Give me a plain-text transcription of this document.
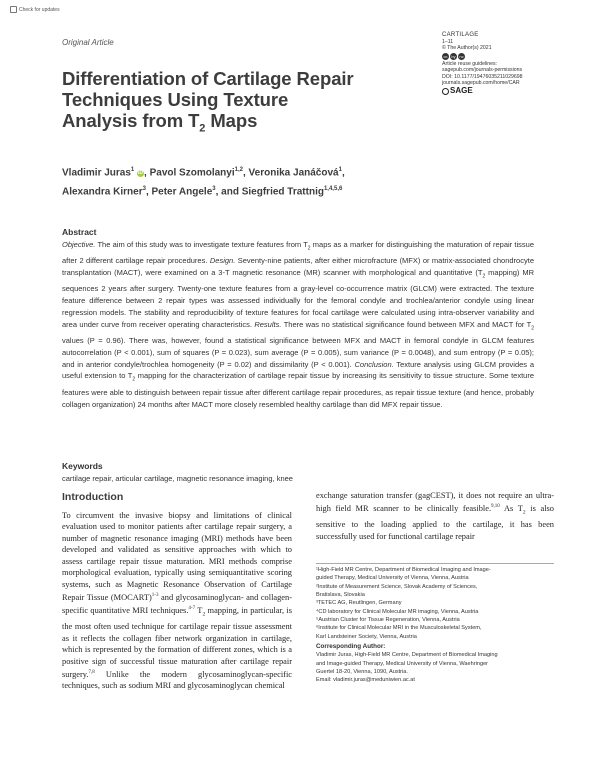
Check for updates
Original Article
Differentiation of Cartilage Repair
Techniques Using Texture
Analysis from $T_2$ Maps
CARTILAGE
1–11
© The Author(s) 2021
cc by nc
Article reuse guidelines:
sagepub.com/journals-permissions
DOI: 10.1177/19476035211029698
journals.sagepub.com/home/CAR
SAGE
Vladimir Juras$^1$ iD, Pavol Szomolanyi$^{1,2}$, Veronika Janáčová$^1$,
Alexandra Kirner$^3$, Peter Angele$^3$, and Siegfried Trattnig$^{1,4,5,6}$
Abstract
Objective. The aim of this study was to investigate texture features from $T_2$ maps as a marker for distinguishing the maturation of repair tissue after 2 different cartilage repair procedures. Design. Seventy-nine patients, after either microfracture (MFX) or matrix-associated chondrocyte transplantation (MACT), were examined on a 3-T magnetic resonance (MR) scanner with morphological and quantitative ($T_2$ mapping) MR sequences 2 years after surgery. Twenty-one texture features from a gray-level co-occurrence matrix (GLCM) were extracted. The texture feature difference between 2 repair types was assessed individually for the femoral condyle and trochlea/anterior condyle using linear regression models. The stability and reproducibility of texture features for focal cartilage were calculated using intra-observer variability and area under curve from receiver operating characteristics. Results. There was no statistical significance found between MFX and MACT for $T_2$ values (P = 0.96). There was, however, found a statistical significance between MFX and MACT in femoral condyle in GLCM features autocorrelation (P < 0.001), sum of squares (P = 0.023), sum average (P = 0.005), sum variance (P = 0.0048), and sum entropy (P = 0.05); and in anterior condyle/trochlea homogeneity (P = 0.02) and dissimilarity (P < 0.001). Conclusion. Texture analysis using GLCM provides a useful extension to $T_2$ mapping for the characterization of cartilage repair tissue by increasing its sensitivity to tissue structure. Some texture features were able to distinguish between repair tissue after different cartilage repair procedures, as repair tissue texture (and hence, probably collagen organization) 24 months after MACT more closely resembled healthy cartilage than did MFX repair tissue.
Keywords
cartilage repair, articular cartilage, magnetic resonance imaging, knee
Introduction
To circumvent the invasive biopsy and limitations of clinical evaluation used to monitor patients after cartilage repair surgery, a number of magnetic resonance imaging (MRI) methods have been developed and validated as sensitive approaches with which to assess cartilage repair tissue maturation. MRI methods comprise morphological evaluation, typically using semiquantitative scoring systems, such as Magnetic Resonance Observation of Cartilage Repair Tissue (MOCART)$^{1-3}$ and glycosaminoglycan- and collagen-specific quantitative MRI techniques.$^{4-7}$ $T_2$ mapping, in particular, is the most often used technique for cartilage repair tissue assessment as it reflects the collagen fiber network organization in cartilage, which is represented by the formation of different zones, which is a positive sign of successful tissue maturation after cartilage repair surgery.$^{7,8}$ Unlike the modern glycosaminoglycan-specific techniques, such as sodium MRI and glycosaminoglycan chemical
exchange saturation transfer (gagCEST), it does not require an ultra-high field MR scanner to be clinically feasible.$^{9,10}$ As $T_2$ is also sensitive to the loading applied to the cartilage, it has been successfully used for functional cartilage repair
¹High-Field MR Centre, Department of Biomedical Imaging and Image-
guided Therapy, Medical University of Vienna, Vienna, Austria
²Institute of Measurement Science, Slovak Academy of Sciences,
Bratislava, Slovakia
³TETEC AG, Reutlingen, Germany
⁴CD laboratory for Clinical Molecular MR imaging, Vienna, Austria
⁵Austrian Cluster for Tissue Regeneration, Vienna, Austria
⁶Institute for Clinical Molecular MRI in the Musculoskeletal System,
Karl Landsteiner Society, Vienna, Austria
Corresponding Author:
Vladimir Juras, High-Field MR Centre, Department of Biomedical Imaging
and Image-guided Therapy, Medical University of Vienna, Waehringer
Guertel 18-20, Vienna, 1090, Austria.
Email: vladimir.juras@meduniwien.ac.at
